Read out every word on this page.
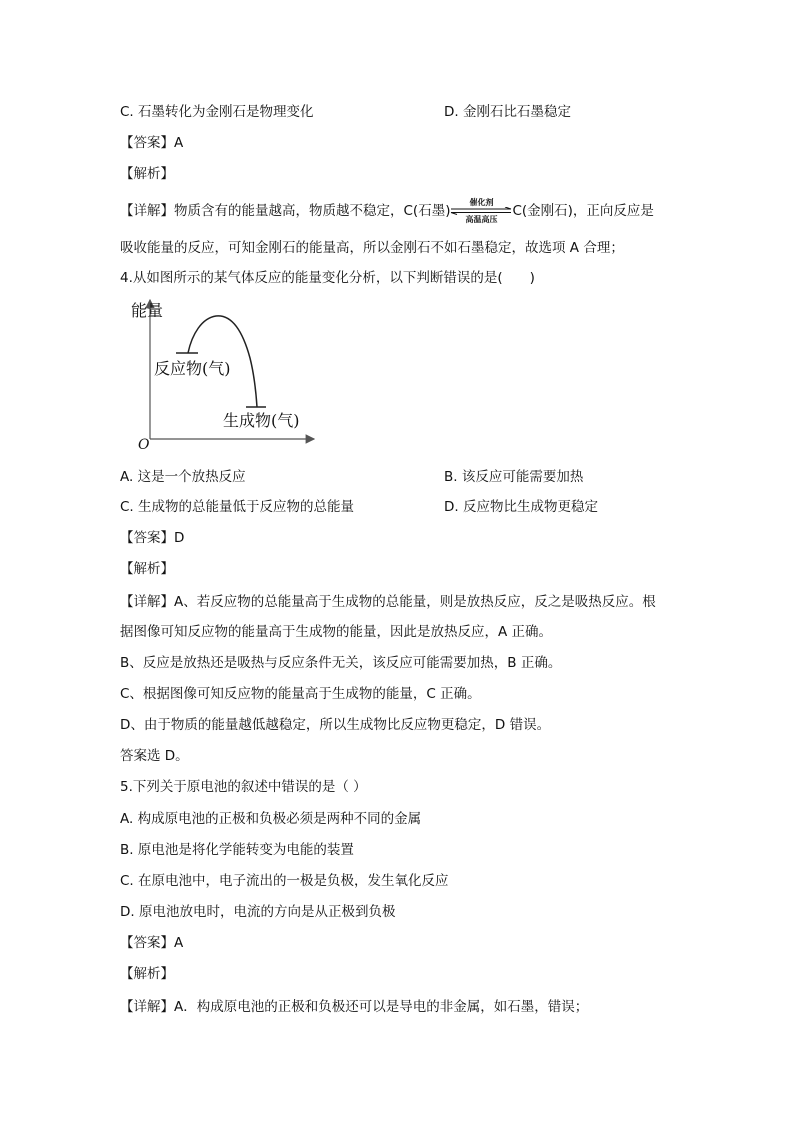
C. 石墨转化为金刚石是物理变化	D. 金刚石比石墨稳定
【答案】A
【解析】
【详解】物质含有的能量越高，物质越不稳定，C(石墨)
催化剂
高温高压
C(金刚石)，正向反应是
吸收能量的反应，可知金刚石的能量高，所以金刚石不如石墨稳定，故选项 A 合理；
4.从如图所示的某气体反应的能量变化分析，以下判断错误的是(　　)
能量
O
反应物(气)
生成物(气)
A. 这是一个放热反应	B. 该反应可能需要加热
C. 生成物的总能量低于反应物的总能量	D. 反应物比生成物更稳定
【答案】D
【解析】
【详解】A、若反应物的总能量高于生成物的总能量，则是放热反应，反之是吸热反应。根
据图像可知反应物的能量高于生成物的能量，因此是放热反应，A 正确。
B、反应是放热还是吸热与反应条件无关，该反应可能需要加热，B 正确。
C、根据图像可知反应物的能量高于生成物的能量，C 正确。
D、由于物质的能量越低越稳定，所以生成物比反应物更稳定，D 错误。
答案选 D。
5.下列关于原电池的叙述中错误的是（ ）
A. 构成原电池的正极和负极必须是两种不同的金属
B. 原电池是将化学能转变为电能的装置
C. 在原电池中，电子流出的一极是负极，发生氧化反应
D. 原电池放电时，电流的方向是从正极到负极
【答案】A
【解析】
【详解】A．构成原电池的正极和负极还可以是导电的非金属，如石墨，错误；
